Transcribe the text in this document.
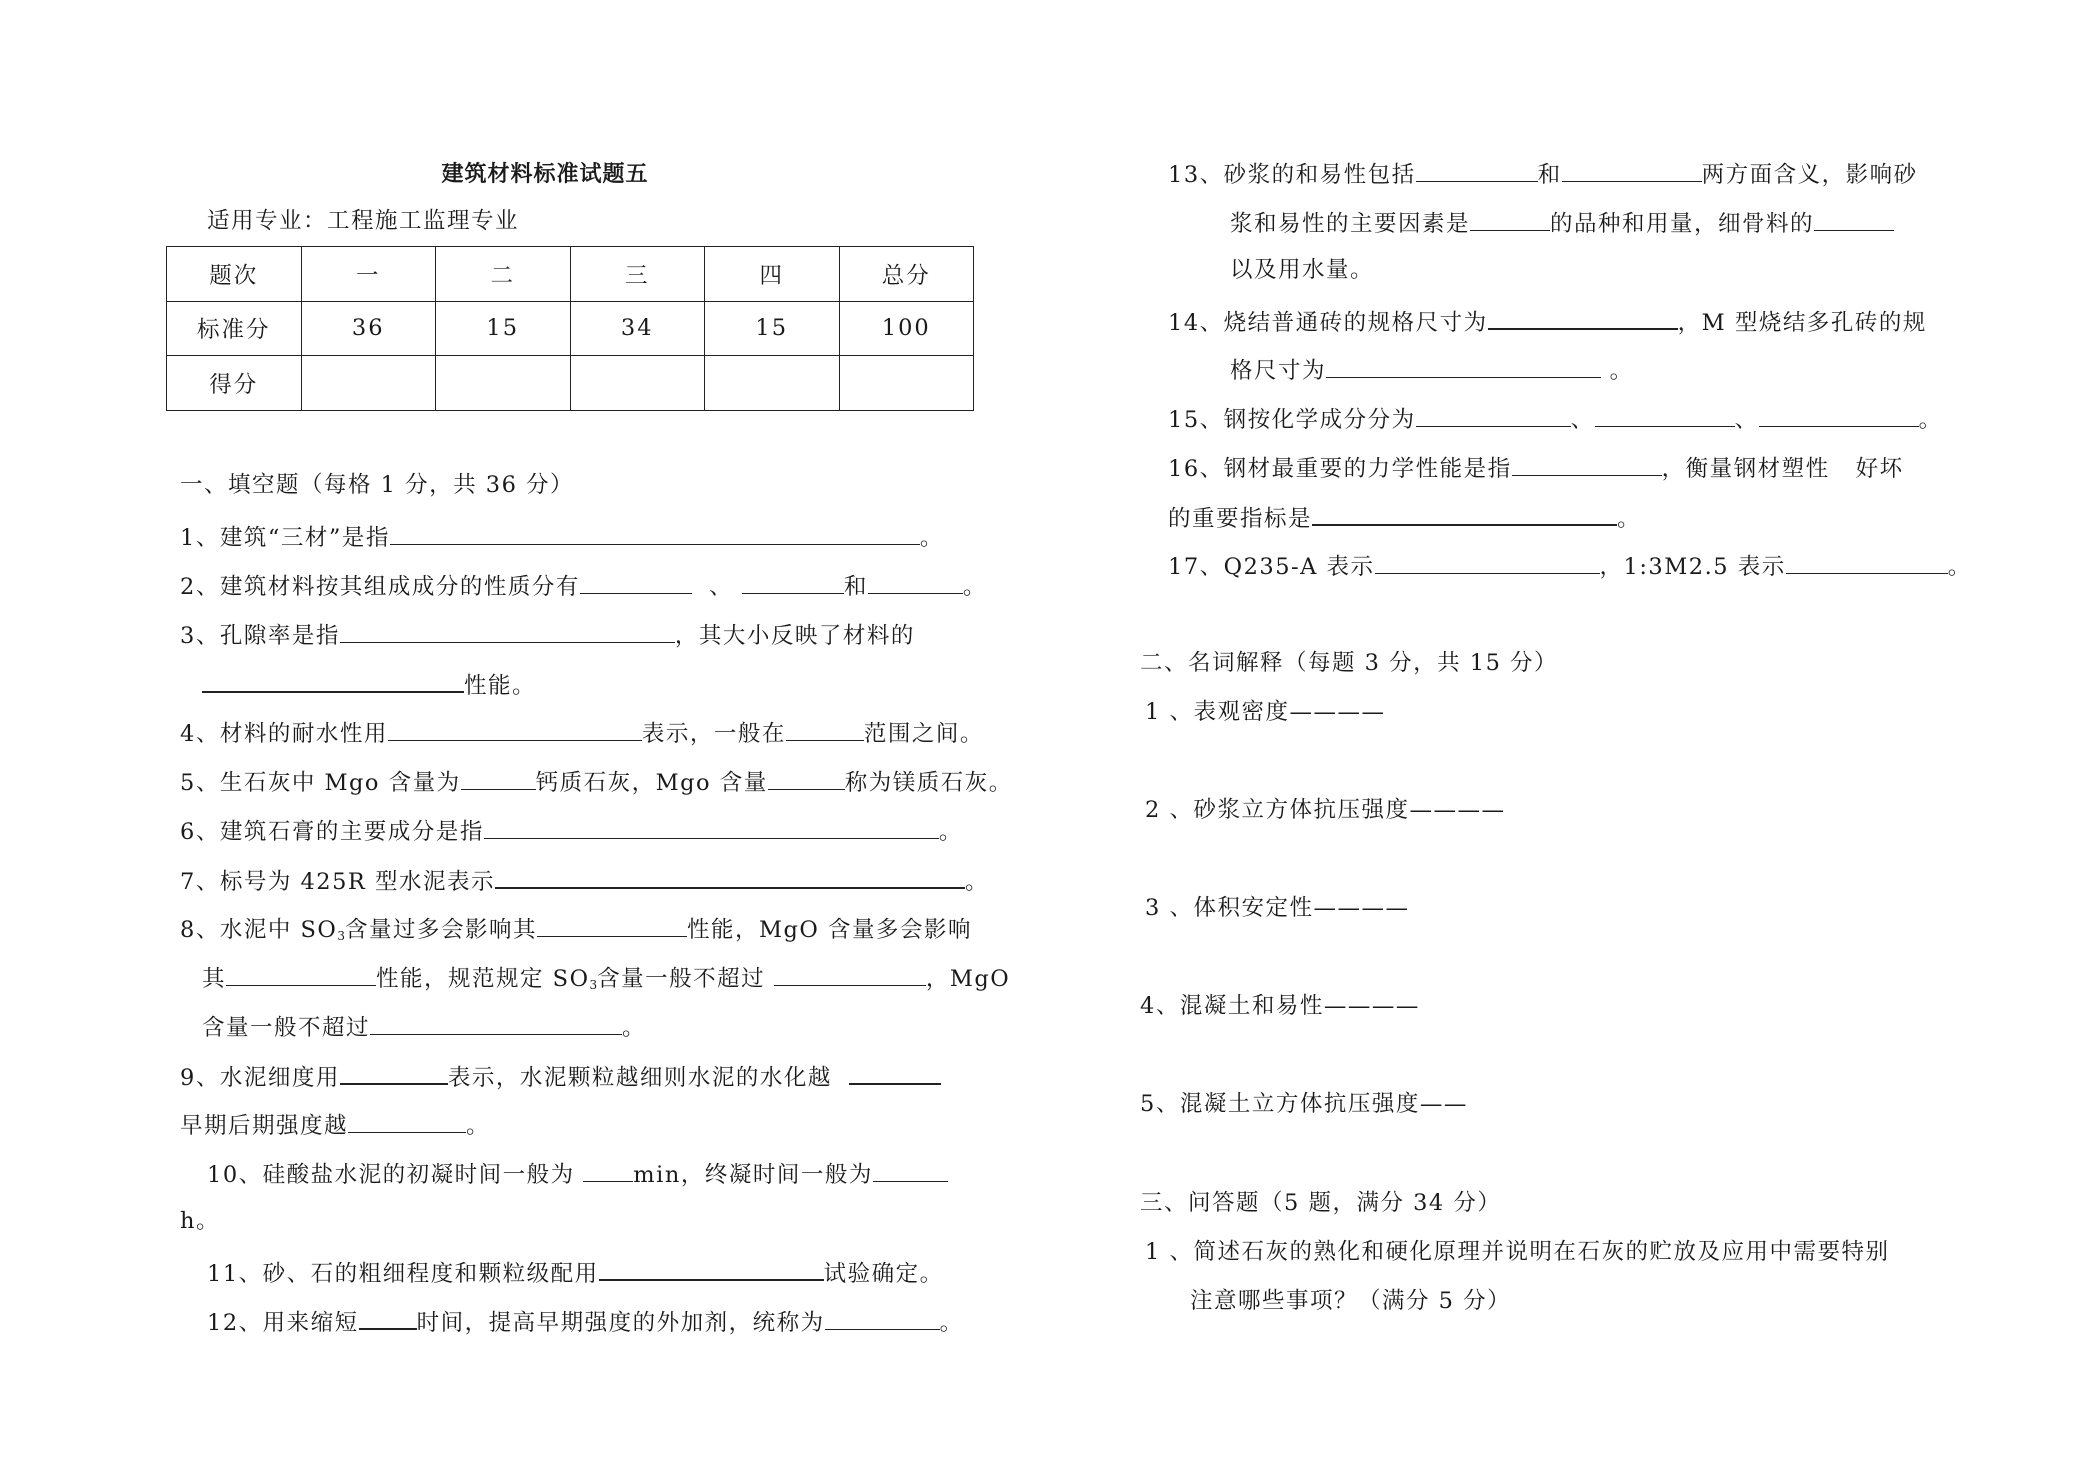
建筑材料标准试题五
适用专业：工程施工监理专业
题次	一	二	三	四	总分
标准分	36	15	34	15	100
得分					
一、填空题（每格 1 分，共 36 分）
1、建筑“三材”是指	。
2、建筑材料按其组成成分的性质分有	、	和	。
3、孔隙率是指	，其大小反映了材料的
性能。
4、材料的耐水性用	表示，一般在	范围之间。
5、生石灰中 Mgo 含量为	钙质石灰，Mgo 含量	称为镁质石灰。
6、建筑石膏的主要成分是指	。
7、标号为 425R 型水泥表示	。
8、水泥中 $SO_3$含量过多会影响其	性能，MgO 含量多会影响
其	性能，规范规定 $SO_3$含量一般不超过	，MgO
含量一般不超过	。
9、水泥细度用	表示，水泥颗粒越细则水泥的水化越
早期后期强度越	。
10、硅酸盐水泥的初凝时间一般为	min，终凝时间一般为
h。
11、砂、石的粗细程度和颗粒级配用	试验确定。
12、用来缩短	时间，提高早期强度的外加剂，统称为	。
13、砂浆的和易性包括	和	两方面含义，影响砂
浆和易性的主要因素是	的品种和用量，细骨料的
以及用水量。
14、烧结普通砖的规格尺寸为	，M 型烧结多孔砖的规
格尺寸为	。
15、钢按化学成分分为	、	、	。
16、钢材最重要的力学性能是指	，衡量钢材塑性 好坏
的重要指标是	。
17、Q235-A 表示	，1:3M2.5 表示	。
二、名词解释（每题 3 分，共 15 分）
1 、表观密度————
2 、砂浆立方体抗压强度————
3 、体积安定性————
4、混凝土和易性————
5、混凝土立方体抗压强度——
三、问答题（5 题，满分 34 分）
1 、简述石灰的熟化和硬化原理并说明在石灰的贮放及应用中需要特别
注意哪些事项？（满分 5 分）
